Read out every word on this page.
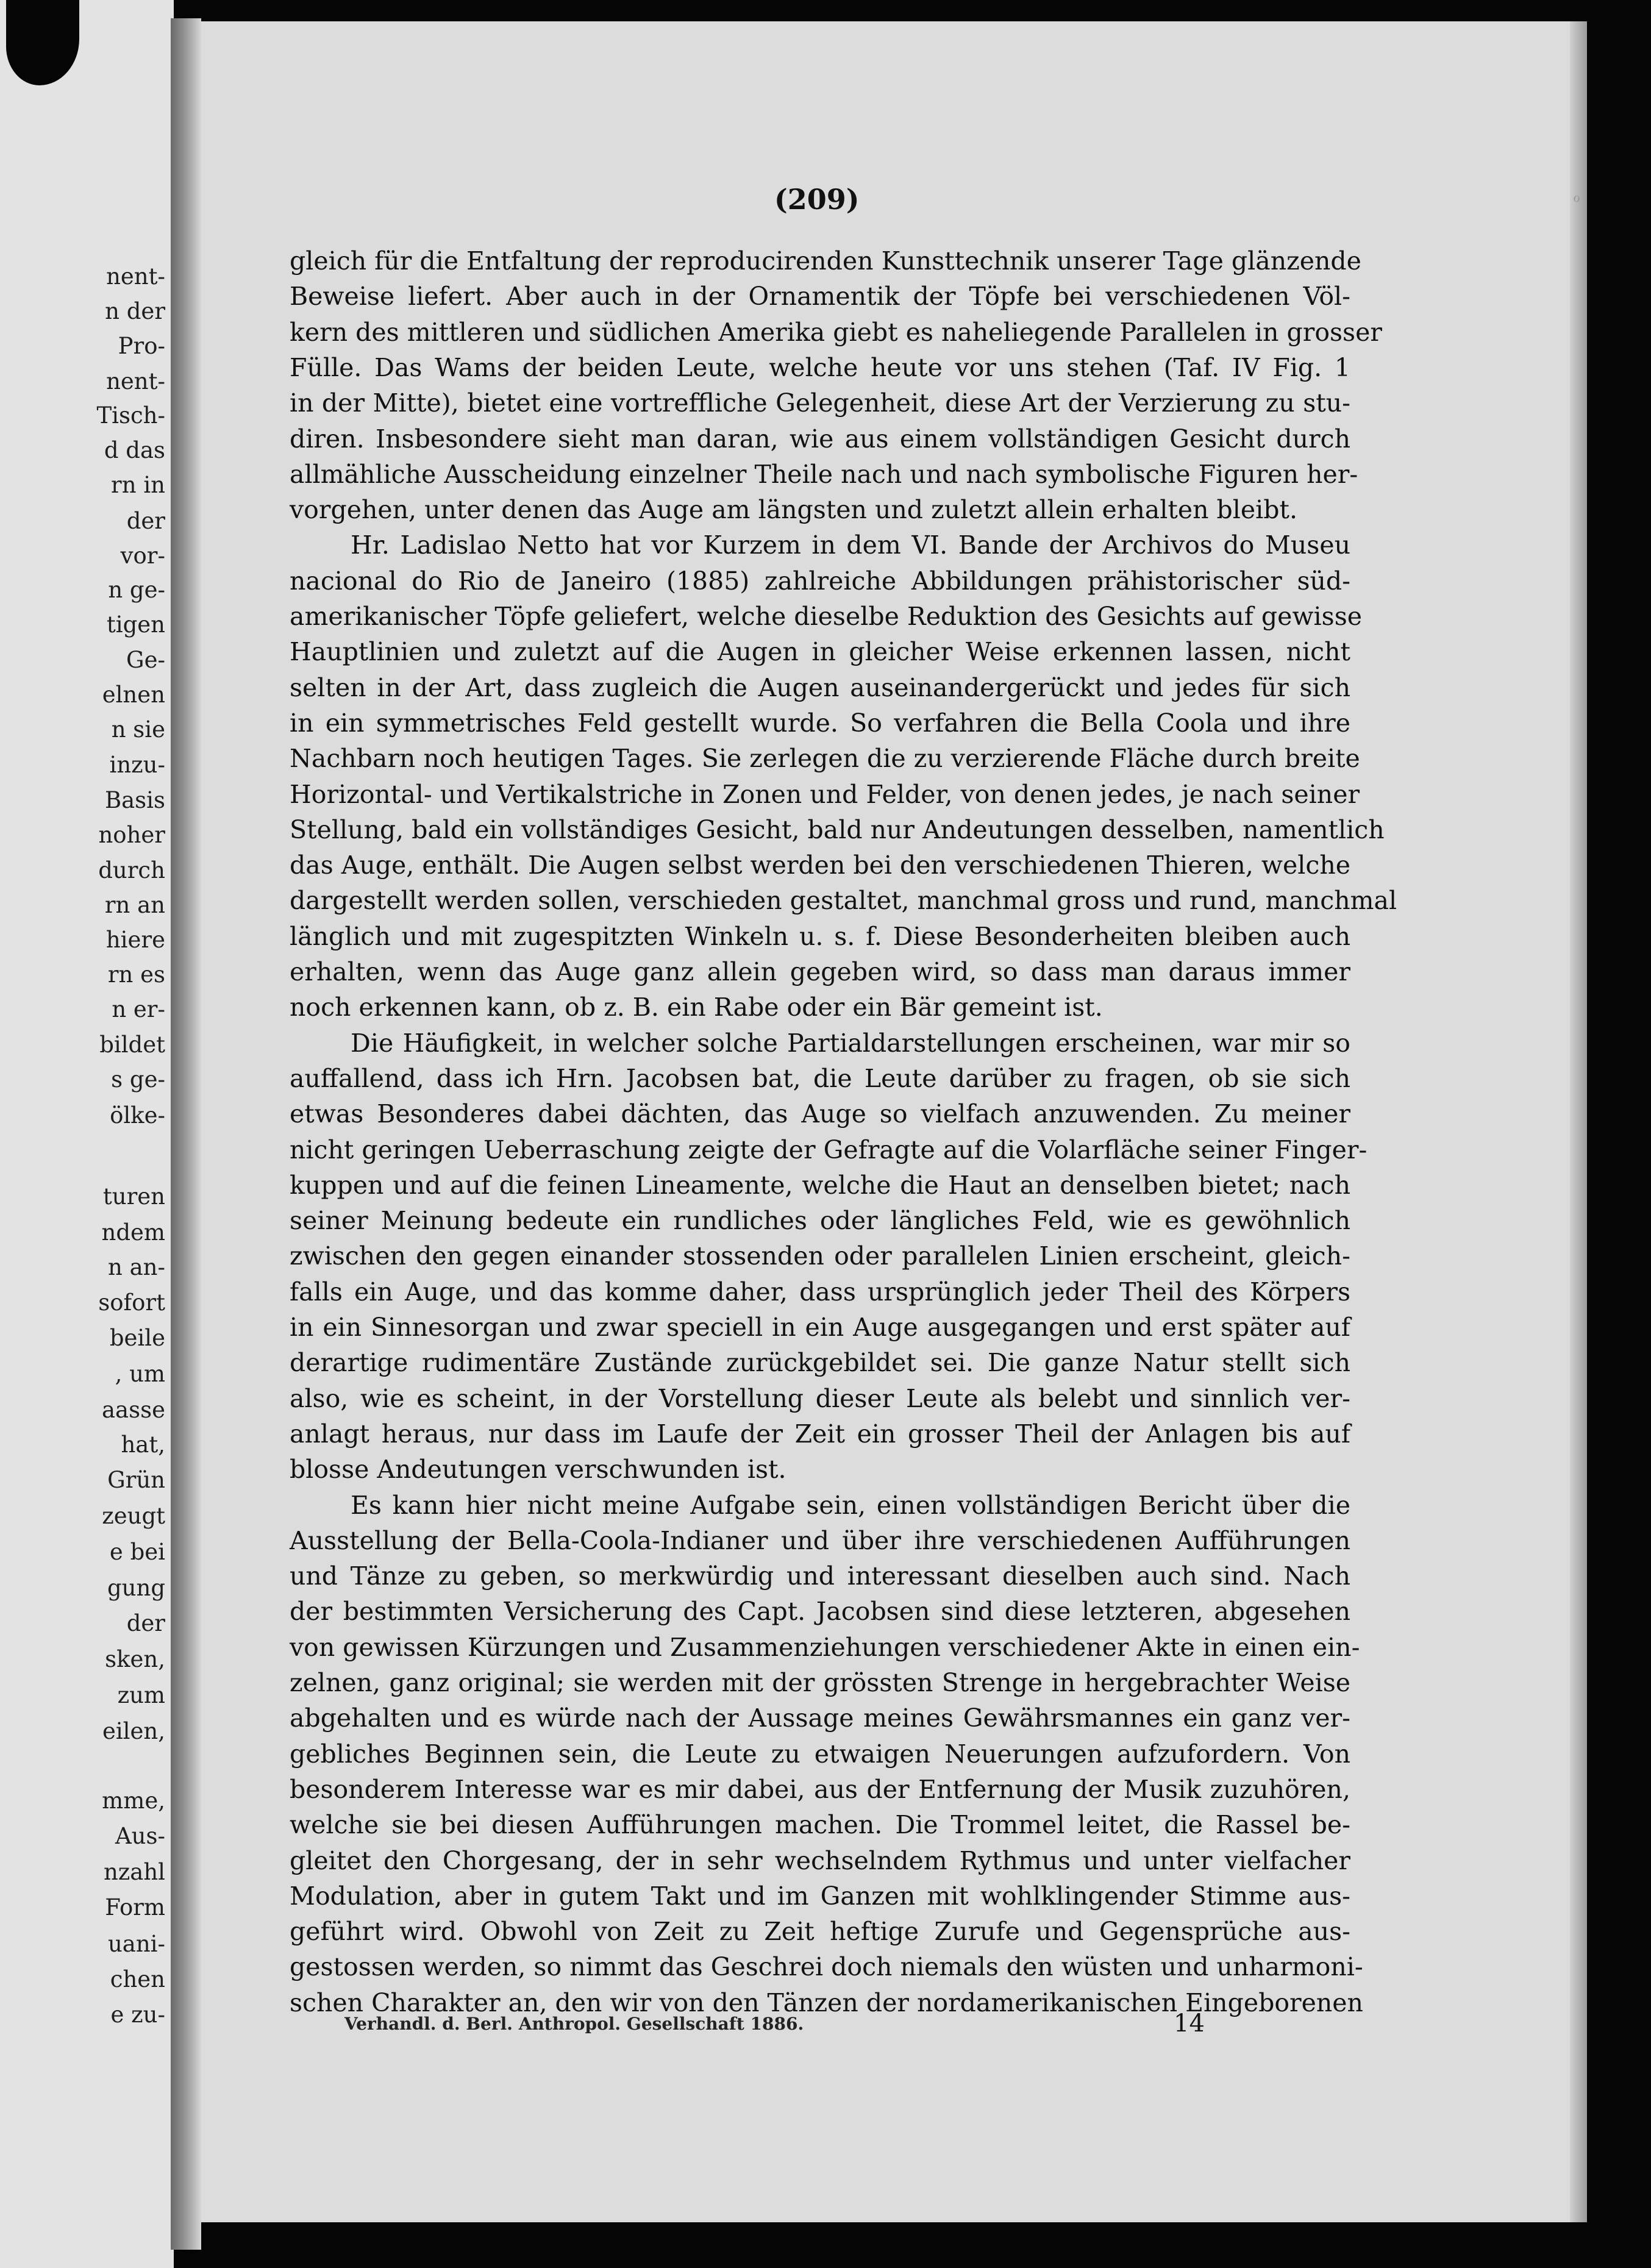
nent-
n der
Pro-
nent-
Tisch-
d das
rn in
der
vor-
n ge-
tigen
Ge-
elnen
n sie
inzu-
Basis
noher
durch
rn an
hiere
rn es
n er-
bildet
s ge-
ölke-
turen
ndem
n an-
sofort
beile
, um
aasse
hat,
Grün
zeugt
e bei
gung
der
sken,
zum
eilen,
mme,
Aus-
nzahl
Form
uani-
chen
e zu-
ℴ
(209)
gleich für die Entfaltung der reproducirenden Kunsttechnik unserer Tage glänzende
Beweise liefert. Aber auch in der Ornamentik der Töpfe bei verschiedenen Völ-
kern des mittleren und südlichen Amerika giebt es naheliegende Parallelen in grosser
Fülle. Das Wams der beiden Leute, welche heute vor uns stehen (Taf. IV Fig. 1
in der Mitte), bietet eine vortreffliche Gelegenheit, diese Art der Verzierung zu stu-
diren. Insbesondere sieht man daran, wie aus einem vollständigen Gesicht durch
allmähliche Ausscheidung einzelner Theile nach und nach symbolische Figuren her-
vorgehen, unter denen das Auge am längsten und zuletzt allein erhalten bleibt.
Hr. Ladislao Netto hat vor Kurzem in dem VI. Bande der Archivos do Museu
nacional do Rio de Janeiro (1885) zahlreiche Abbildungen prähistorischer süd-
amerikanischer Töpfe geliefert, welche dieselbe Reduktion des Gesichts auf gewisse
Hauptlinien und zuletzt auf die Augen in gleicher Weise erkennen lassen, nicht
selten in der Art, dass zugleich die Augen auseinandergerückt und jedes für sich
in ein symmetrisches Feld gestellt wurde. So verfahren die Bella Coola und ihre
Nachbarn noch heutigen Tages. Sie zerlegen die zu verzierende Fläche durch breite
Horizontal- und Vertikalstriche in Zonen und Felder, von denen jedes, je nach seiner
Stellung, bald ein vollständiges Gesicht, bald nur Andeutungen desselben, namentlich
das Auge, enthält. Die Augen selbst werden bei den verschiedenen Thieren, welche
dargestellt werden sollen, verschieden gestaltet, manchmal gross und rund, manchmal
länglich und mit zugespitzten Winkeln u. s. f. Diese Besonderheiten bleiben auch
erhalten, wenn das Auge ganz allein gegeben wird, so dass man daraus immer
noch erkennen kann, ob z. B. ein Rabe oder ein Bär gemeint ist.
Die Häufigkeit, in welcher solche Partialdarstellungen erscheinen, war mir so
auffallend, dass ich Hrn. Jacobsen bat, die Leute darüber zu fragen, ob sie sich
etwas Besonderes dabei dächten, das Auge so vielfach anzuwenden. Zu meiner
nicht geringen Ueberraschung zeigte der Gefragte auf die Volarfläche seiner Finger-
kuppen und auf die feinen Lineamente, welche die Haut an denselben bietet; nach
seiner Meinung bedeute ein rundliches oder längliches Feld, wie es gewöhnlich
zwischen den gegen einander stossenden oder parallelen Linien erscheint, gleich-
falls ein Auge, und das komme daher, dass ursprünglich jeder Theil des Körpers
in ein Sinnesorgan und zwar speciell in ein Auge ausgegangen und erst später auf
derartige rudimentäre Zustände zurückgebildet sei. Die ganze Natur stellt sich
also, wie es scheint, in der Vorstellung dieser Leute als belebt und sinnlich ver-
anlagt heraus, nur dass im Laufe der Zeit ein grosser Theil der Anlagen bis auf
blosse Andeutungen verschwunden ist.
Es kann hier nicht meine Aufgabe sein, einen vollständigen Bericht über die
Ausstellung der Bella-Coola-Indianer und über ihre verschiedenen Aufführungen
und Tänze zu geben, so merkwürdig und interessant dieselben auch sind. Nach
der bestimmten Versicherung des Capt. Jacobsen sind diese letzteren, abgesehen
von gewissen Kürzungen und Zusammenziehungen verschiedener Akte in einen ein-
zelnen, ganz original; sie werden mit der grössten Strenge in hergebrachter Weise
abgehalten und es würde nach der Aussage meines Gewährsmannes ein ganz ver-
gebliches Beginnen sein, die Leute zu etwaigen Neuerungen aufzufordern. Von
besonderem Interesse war es mir dabei, aus der Entfernung der Musik zuzuhören,
welche sie bei diesen Aufführungen machen. Die Trommel leitet, die Rassel be-
gleitet den Chorgesang, der in sehr wechselndem Rythmus und unter vielfacher
Modulation, aber in gutem Takt und im Ganzen mit wohlklingender Stimme aus-
geführt wird. Obwohl von Zeit zu Zeit heftige Zurufe und Gegensprüche aus-
gestossen werden, so nimmt das Geschrei doch niemals den wüsten und unharmoni-
schen Charakter an, den wir von den Tänzen der nordamerikanischen Eingeborenen
Verhandl. d. Berl. Anthropol. Gesellschaft 1886.	14
